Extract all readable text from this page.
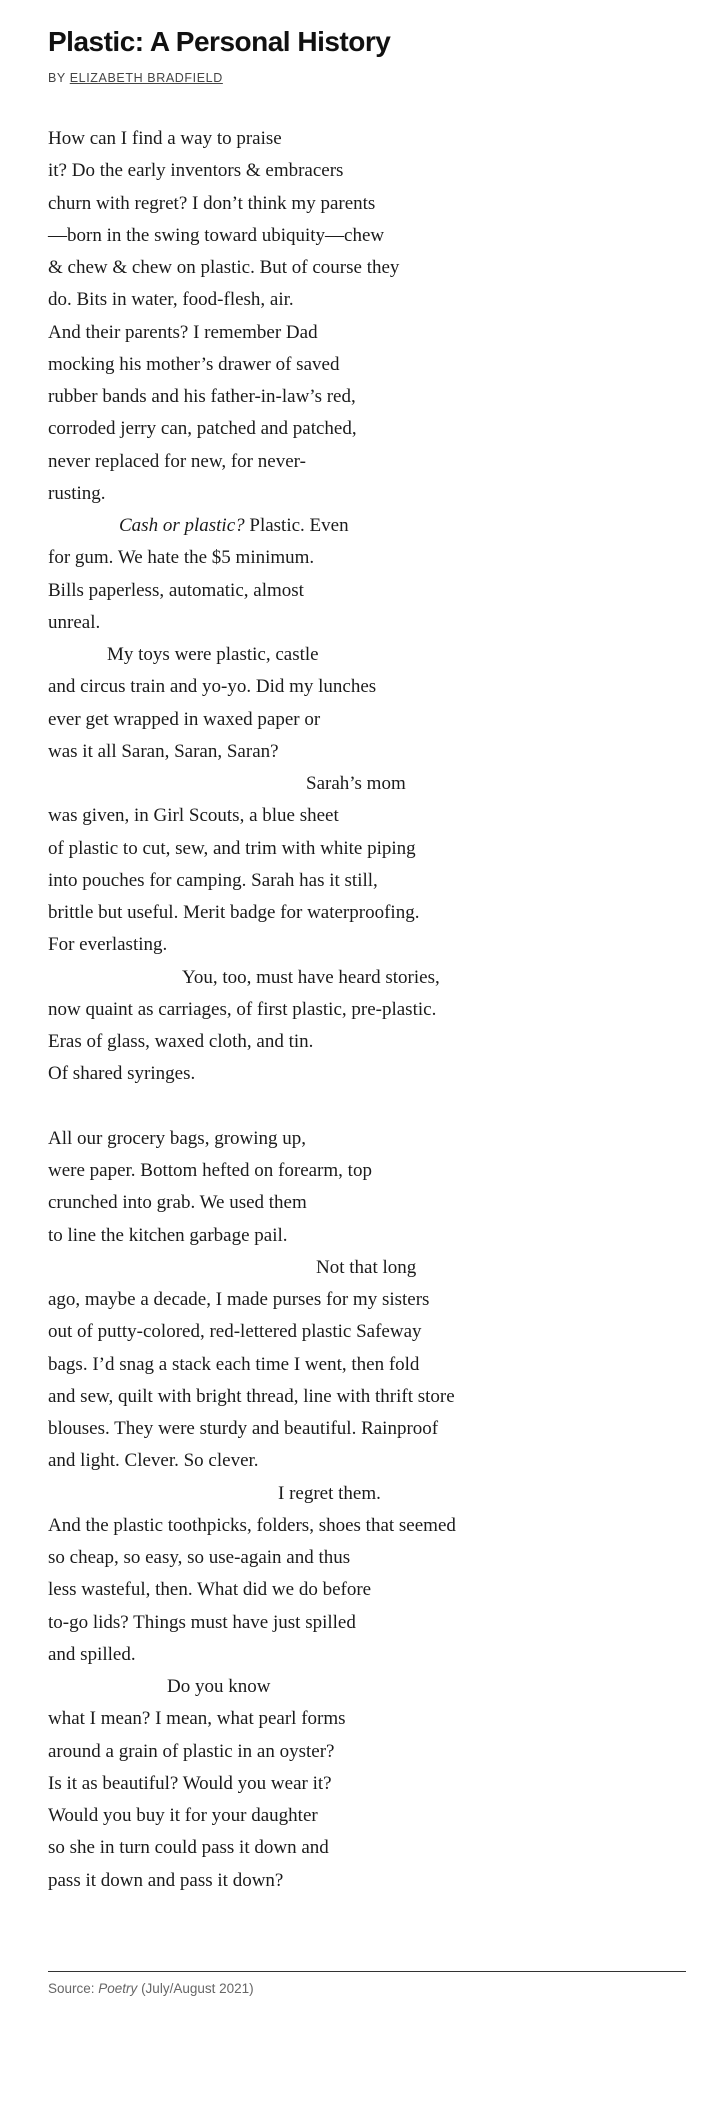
Plastic: A Personal History
BY ELIZABETH BRADFIELD
How can I find a way to praise
it? Do the early inventors & embracers
churn with regret? I don’t think my parents
—born in the swing toward ubiquity—chew
& chew & chew on plastic. But of course they
do. Bits in water, food-flesh, air.
And their parents? I remember Dad
mocking his mother’s drawer of saved
rubber bands and his father-in-law’s red,
corroded jerry can, patched and patched,
never replaced for new, for never-
rusting.
Cash or plastic? Plastic. Even
for gum. We hate the $5 minimum.
Bills paperless, automatic, almost
unreal.
My toys were plastic, castle
and circus train and yo-yo. Did my lunches
ever get wrapped in waxed paper or
was it all Saran, Saran, Saran?
Sarah’s mom
was given, in Girl Scouts, a blue sheet
of plastic to cut, sew, and trim with white piping
into pouches for camping. Sarah has it still,
brittle but useful. Merit badge for waterproofing.
For everlasting.
You, too, must have heard stories,
now quaint as carriages, of first plastic, pre-plastic.
Eras of glass, waxed cloth, and tin.
Of shared syringes.
All our grocery bags, growing up,
were paper. Bottom hefted on forearm, top
crunched into grab. We used them
to line the kitchen garbage pail.
Not that long
ago, maybe a decade, I made purses for my sisters
out of putty-colored, red-lettered plastic Safeway
bags. I’d snag a stack each time I went, then fold
and sew, quilt with bright thread, line with thrift store
blouses. They were sturdy and beautiful. Rainproof
and light. Clever. So clever.
I regret them.
And the plastic toothpicks, folders, shoes that seemed
so cheap, so easy, so use-again and thus
less wasteful, then. What did we do before
to-go lids? Things must have just spilled
and spilled.
Do you know
what I mean? I mean, what pearl forms
around a grain of plastic in an oyster?
Is it as beautiful? Would you wear it?
Would you buy it for your daughter
so she in turn could pass it down and
pass it down and pass it down?
Source: Poetry (July/August 2021)
